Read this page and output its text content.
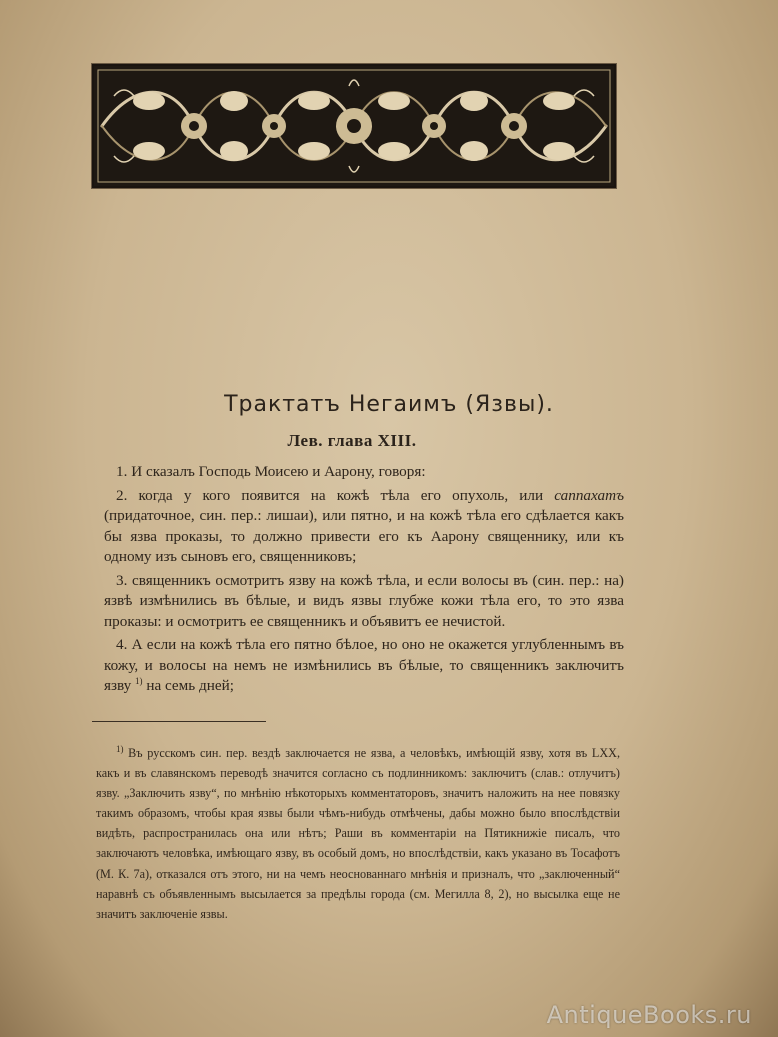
Трактатъ Негаимъ (Язвы).
Лев. глава XIII.

1. И сказалъ Господь Моисею и Аарону, говоря:

2. когда у кого появится на кожѣ тѣла его опухоль, или саппахатъ (придаточное, син. пер.: лишаи), или пятно, и на кожѣ тѣла его сдѣлается какъ бы язва проказы, то должно привести его къ Аарону священнику, или къ одному изъ сыновъ его, священниковъ;

3. священникъ осмотритъ язву на кожѣ тѣла, и если волосы въ (син. пер.: на) язвѣ измѣнились въ бѣлые, и видъ язвы глубже кожи тѣла его, то это язва проказы: и осмотритъ ее священникъ и объявитъ ее нечистой.

4. А если на кожѣ тѣла его пятно бѣлое, но оно не окажется углубленнымъ въ кожу, и волосы на немъ не измѣнились въ бѣлые, то священникъ заключитъ язву $^{1)}$ на семь дней;

$^{1)}$ Въ русскомъ син. пер. вездѣ заключается не язва, а человѣкъ, имѣющій язву, хотя въ LXX, какъ и въ славянскомъ переводѣ значится согласно съ подлинникомъ: заключитъ (слав.: отлучитъ) язву. „Заключить язву“, по мнѣнію нѣкоторыхъ комментаторовъ, значитъ наложить на нее повязку такимъ образомъ, чтобы края язвы были чѣмъ-нибудь отмѣчены, дабы можно было впослѣдствіи видѣть, распространилась она или нѣтъ; Раши въ комментаріи на Пятикнижіе писалъ, что заключаютъ человѣка, имѣющаго язву, въ особый домъ, но впослѣдствіи, какъ указано въ Тосафотъ (М. К. 7а), отказался отъ этого, ни на чемъ неоснованнаго мнѣнія и призналъ, что „заключенный“ наравнѣ съ объявленнымъ высылается за предѣлы города (см. Мегилла 8, 2), но высылка еще не значитъ заключеніе язвы.

AntiqueBooks.ru
